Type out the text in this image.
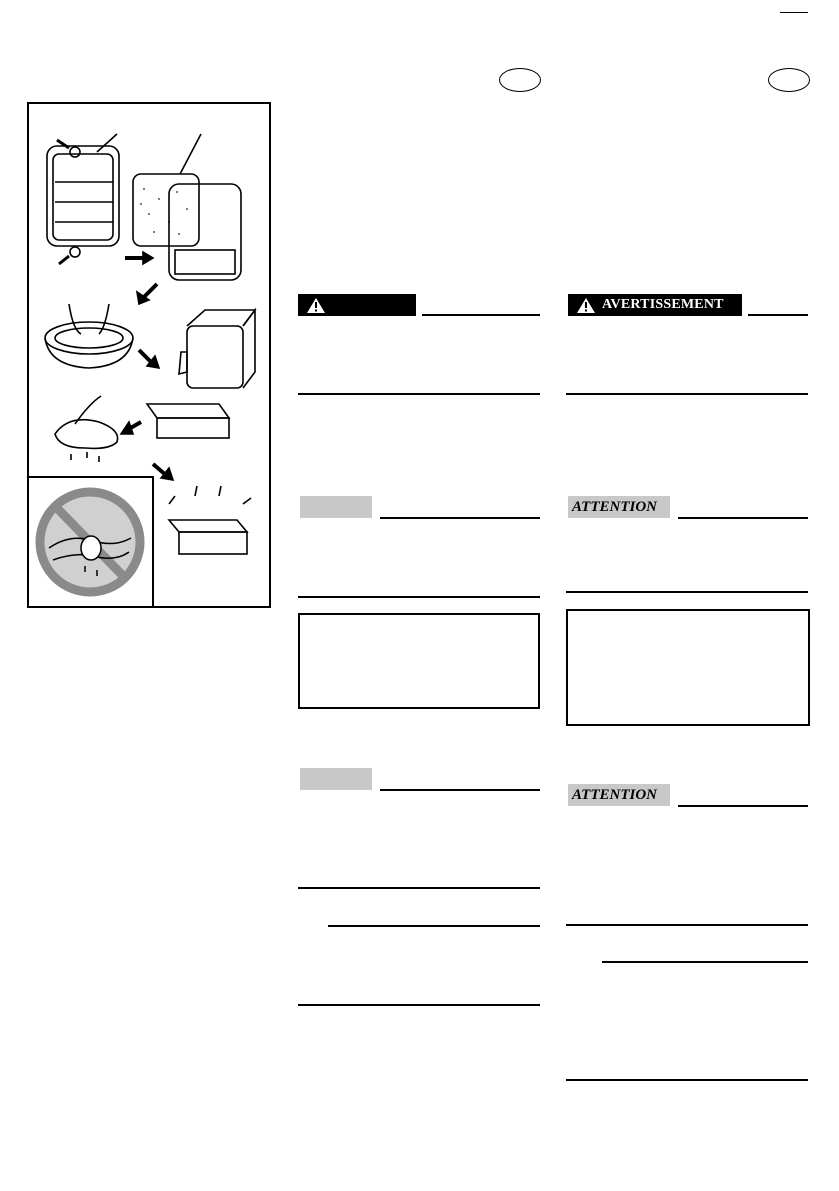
AVERTISSEMENT
ATTENTION
ATTENTION
